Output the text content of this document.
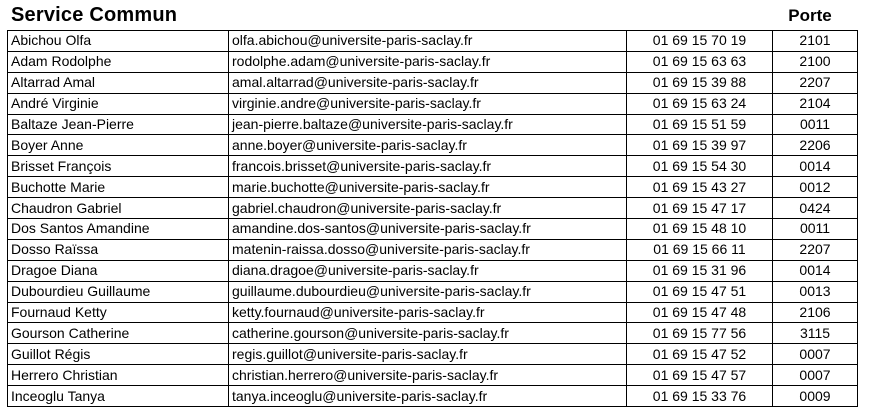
Service Commun	Porte
Abichou Olfa	olfa.abichou@universite-paris-saclay.fr	01 69 15 70 19	2101
Adam Rodolphe	rodolphe.adam@universite-paris-saclay.fr	01 69 15 63 63	2100
Altarrad Amal	amal.altarrad@universite-paris-saclay.fr	01 69 15 39 88	2207
André Virginie	virginie.andre@universite-paris-saclay.fr	01 69 15 63 24	2104
Baltaze Jean-Pierre	jean-pierre.baltaze@universite-paris-saclay.fr	01 69 15 51 59	0011
Boyer Anne	anne.boyer@universite-paris-saclay.fr	01 69 15 39 97	2206
Brisset François	francois.brisset@universite-paris-saclay.fr	01 69 15 54 30	0014
Buchotte Marie	marie.buchotte@universite-paris-saclay.fr	01 69 15 43 27	0012
Chaudron Gabriel	gabriel.chaudron@universite-paris-saclay.fr	01 69 15 47 17	0424
Dos Santos Amandine	amandine.dos-santos@universite-paris-saclay.fr	01 69 15 48 10	0011
Dosso Raïssa	matenin-raissa.dosso@universite-paris-saclay.fr	01 69 15 66 11	2207
Dragoe Diana	diana.dragoe@universite-paris-saclay.fr	01 69 15 31 96	0014
Dubourdieu Guillaume	guillaume.dubourdieu@universite-paris-saclay.fr	01 69 15 47 51	0013
Fournaud Ketty	ketty.fournaud@universite-paris-saclay.fr	01 69 15 47 48	2106
Gourson Catherine	catherine.gourson@universite-paris-saclay.fr	01 69 15 77 56	3115
Guillot Régis	regis.guillot@universite-paris-saclay.fr	01 69 15 47 52	0007
Herrero Christian	christian.herrero@universite-paris-saclay.fr	01 69 15 47 57	0007
Inceoglu Tanya	tanya.inceoglu@universite-paris-saclay.fr	01 69 15 33 76	0009
